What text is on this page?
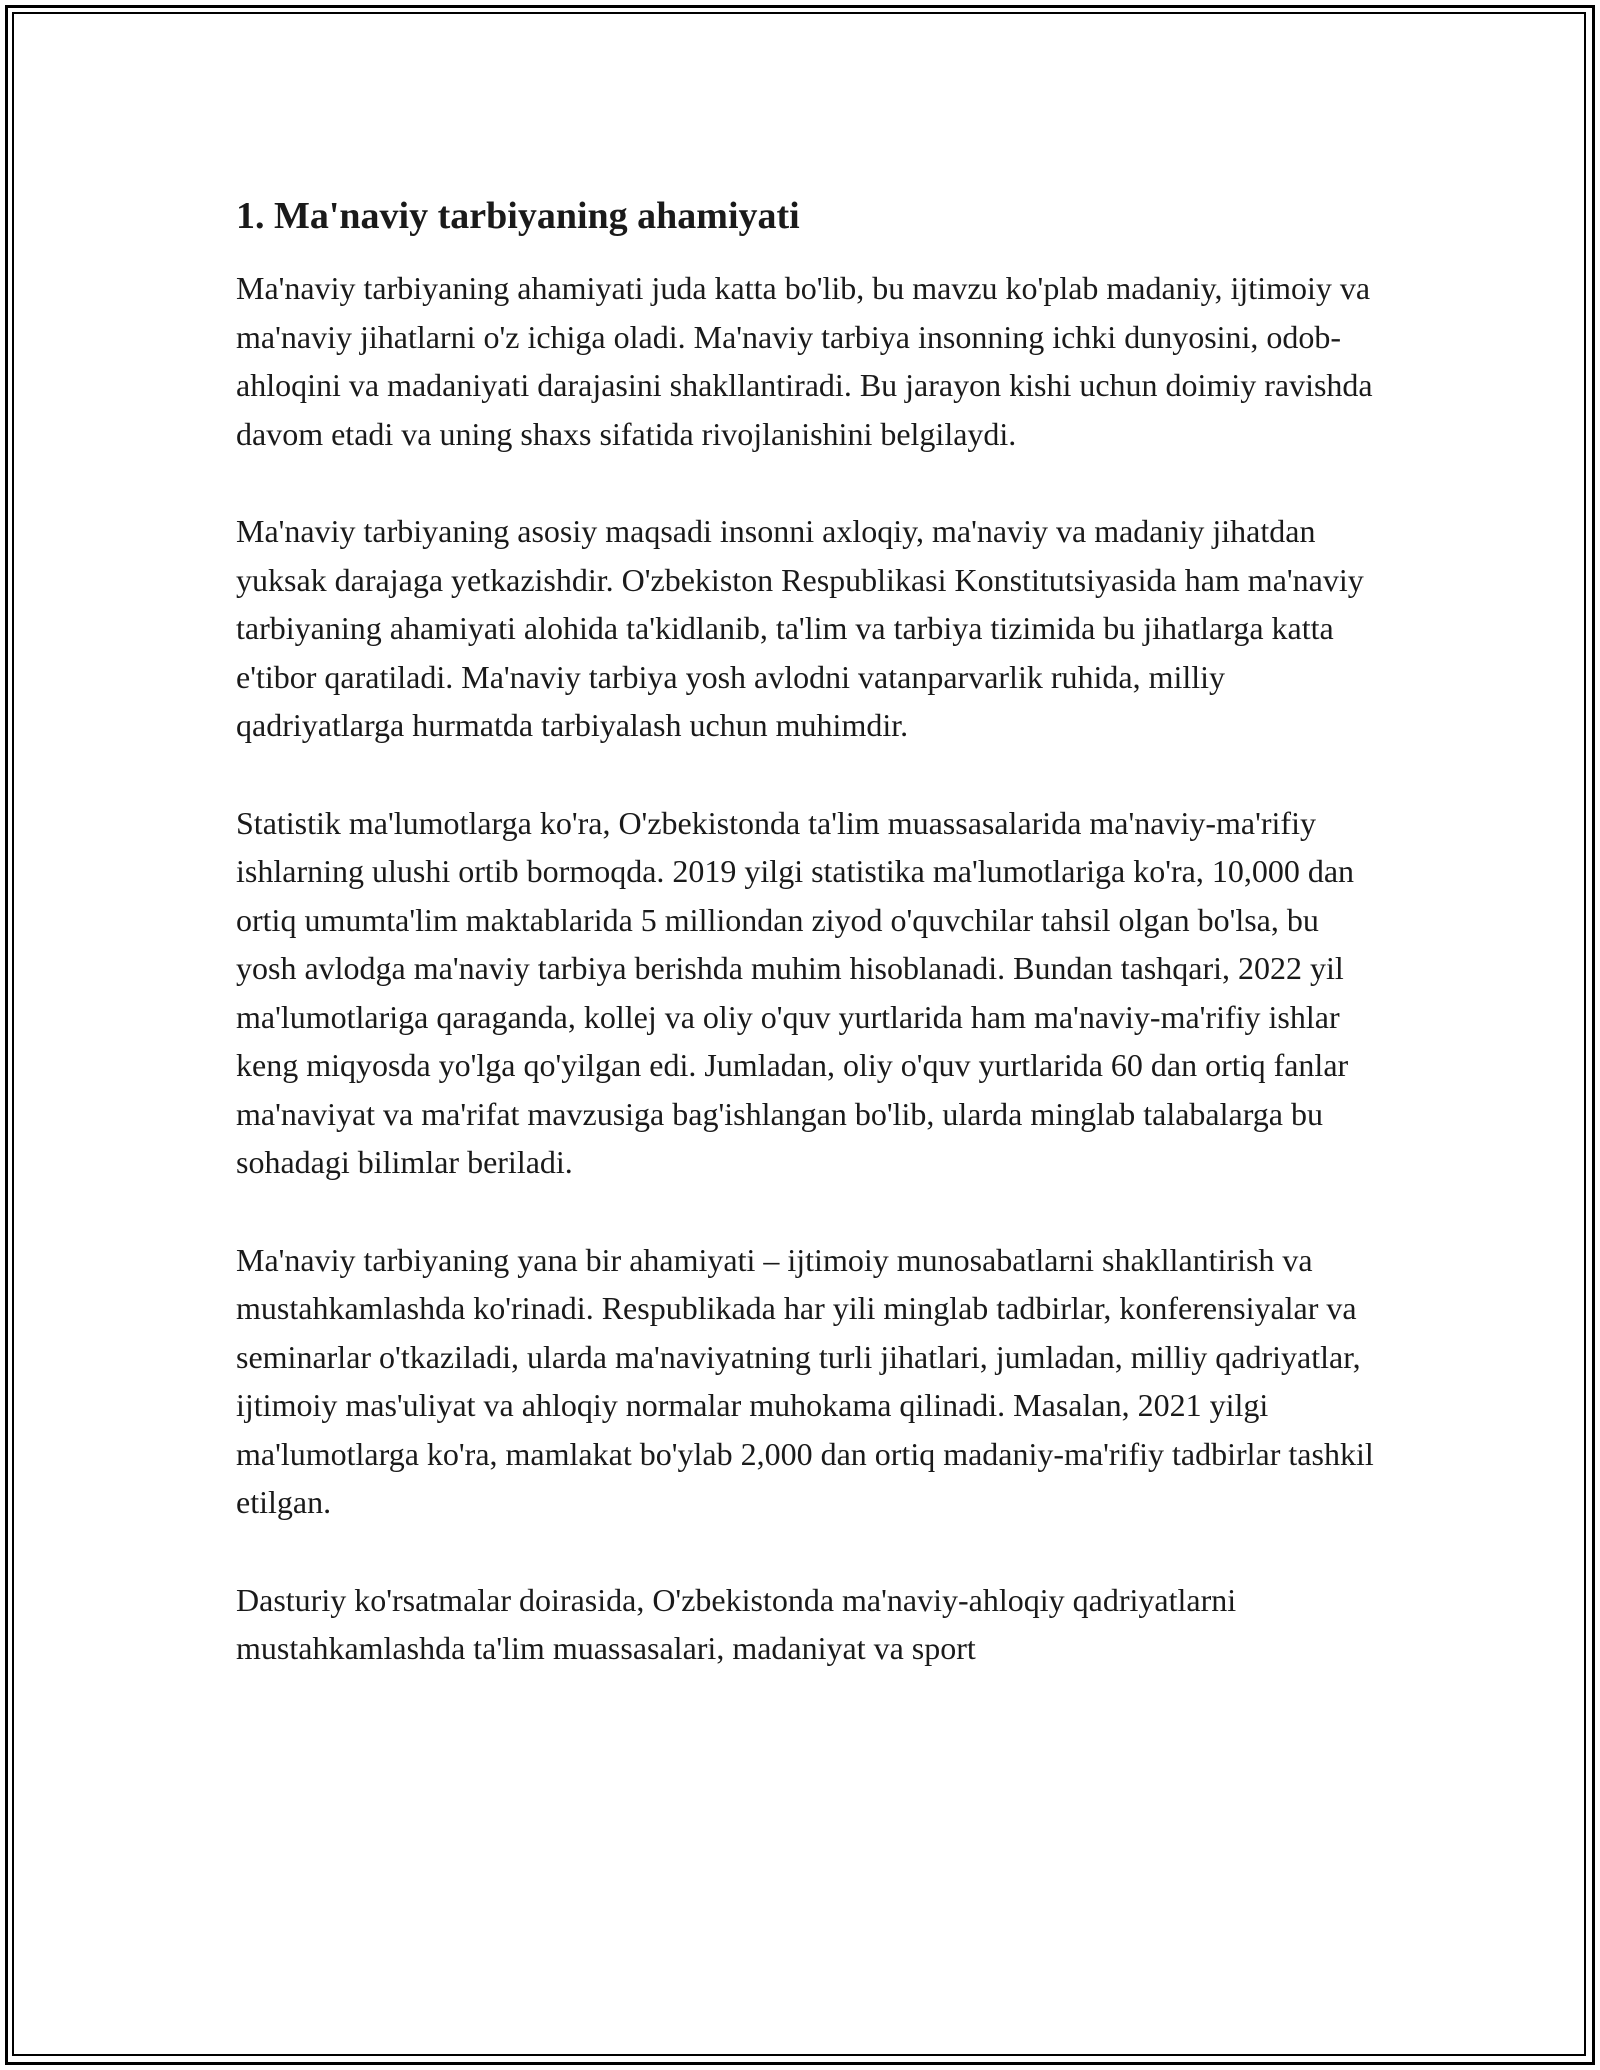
1. Ma'naviy tarbiyaning ahamiyati

Ma'naviy tarbiyaning ahamiyati juda katta bo'lib, bu mavzu ko'plab madaniy, ijtimoiy va ma'naviy jihatlarni o'z ichiga oladi. Ma'naviy tarbiya insonning ichki dunyosini, odob-ahloqini va madaniyati darajasini shakllantiradi. Bu jarayon kishi uchun doimiy ravishda davom etadi va uning shaxs sifatida rivojlanishini belgilaydi.

Ma'naviy tarbiyaning asosiy maqsadi insonni axloqiy, ma'naviy va madaniy jihatdan yuksak darajaga yetkazishdir. O'zbekiston Respublikasi Konstitutsiyasida ham ma'naviy tarbiyaning ahamiyati alohida ta'kidlanib, ta'lim va tarbiya tizimida bu jihatlarga katta e'tibor qaratiladi. Ma'naviy tarbiya yosh avlodni vatanparvarlik ruhida, milliy qadriyatlarga hurmatda tarbiyalash uchun muhimdir.

Statistik ma'lumotlarga ko'ra, O'zbekistonda ta'lim muassasalarida ma'naviy-ma'rifiy ishlarning ulushi ortib bormoqda. 2019 yilgi statistika ma'lumotlariga ko'ra, 10,000 dan ortiq umumta'lim maktablarida 5 milliondan ziyod o'quvchilar tahsil olgan bo'lsa, bu yosh avlodga ma'naviy tarbiya berishda muhim hisoblanadi. Bundan tashqari, 2022 yil ma'lumotlariga qaraganda, kollej va oliy o'quv yurtlarida ham ma'naviy-ma'rifiy ishlar keng miqyosda yo'lga qo'yilgan edi. Jumladan, oliy o'quv yurtlarida 60 dan ortiq fanlar ma'naviyat va ma'rifat mavzusiga bag'ishlangan bo'lib, ularda minglab talabalarga bu sohadagi bilimlar beriladi.

Ma'naviy tarbiyaning yana bir ahamiyati – ijtimoiy munosabatlarni shakllantirish va mustahkamlashda ko'rinadi. Respublikada har yili minglab tadbirlar, konferensiyalar va seminarlar o'tkaziladi, ularda ma'naviyatning turli jihatlari, jumladan, milliy qadriyatlar, ijtimoiy mas'uliyat va ahloqiy normalar muhokama qilinadi. Masalan, 2021 yilgi ma'lumotlarga ko'ra, mamlakat bo'ylab 2,000 dan ortiq madaniy-ma'rifiy tadbirlar tashkil etilgan.

Dasturiy ko'rsatmalar doirasida, O'zbekistonda ma'naviy-ahloqiy qadriyatlarni mustahkamlashda ta'lim muassasalari, madaniyat va sport
